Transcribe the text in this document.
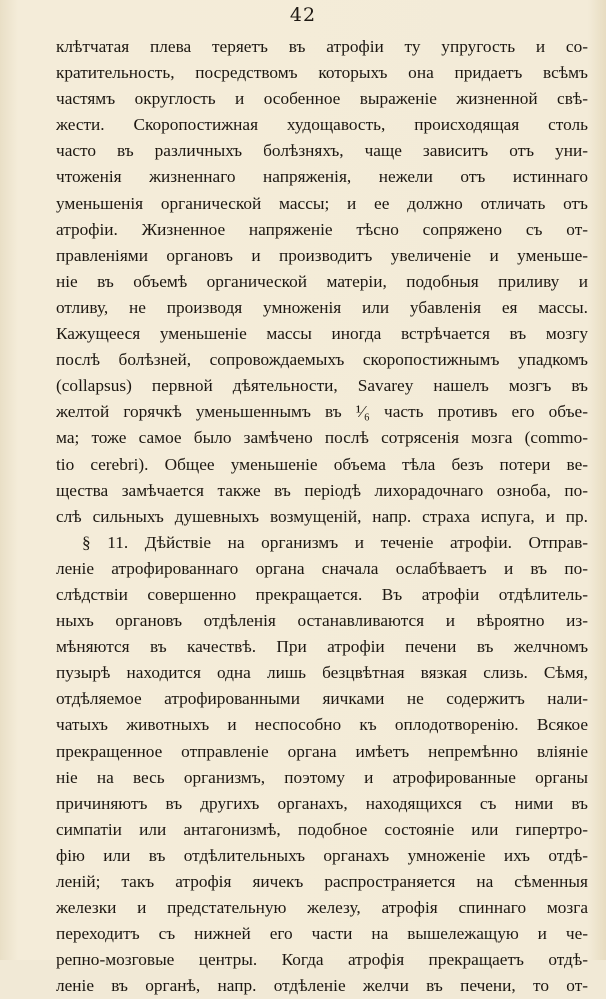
42
клѣтчатая плева теряетъ въ атрофіи ту упругость и со-
кратительность, посредствомъ которыхъ она придаетъ всѣмъ
частямъ округлость и особенное выраженіе жизненной свѣ-
жести. Скоропостижная худощавость, происходящая столь
часто въ различныхъ болѣзняхъ, чаще зависитъ отъ уни-
чтоженія жизненнаго напряженія, нежели отъ истиннаго
уменьшенія органической массы; и ее должно отличать отъ
атрофіи. Жизненное напряженіе тѣсно сопряжено съ от-
правленіями органовъ и производитъ увеличеніе и уменьше-
ніе въ объемѣ органической матеріи, подобныя приливу и
отливу, не производя умноженія или убавленія ея массы.
Кажущееся уменьшеніе массы иногда встрѣчается въ мозгу
послѣ болѣзней, сопровождаемыхъ скоропостижнымъ упадкомъ
(collapsus) первной дѣятельности, Savareу нашелъ мозгъ въ
желтой горячкѣ уменьшеннымъ въ ¹⁄₆ часть противъ его объе-
ма; тоже самое было замѣчено послѣ сотрясенія мозга (commo-
tio cerebri). Общее уменьшеніе объема тѣла безъ потери ве-
щества замѣчается также въ періодѣ лихорадочнаго озноба, по-
слѣ сильныхъ душевныхъ возмущеній, напр. страха испуга, и пр.
§ 11. Дѣйствіе на организмъ и теченіе атрофіи. Отправ-
леніе атрофированнаго органа сначала ослабѣваетъ и въ по-
слѣдствіи совершенно прекращается. Въ атрофіи отдѣлитель-
ныхъ органовъ отдѣленія останавливаются и вѣроятно из-
мѣняются въ качествѣ. При атрофіи печени въ желчномъ
пузырѣ находится одна лишь безцвѣтная вязкая слизь. Сѣмя,
отдѣляемое атрофированными яичками не содержитъ нали-
чатыхъ животныхъ и неспособно къ оплодотворенію. Всякое
прекращенное отправленіе органа имѣетъ непремѣнно вліянiе
ніе на весь организмъ, поэтому и атрофированные органы
причиняютъ въ другихъ органахъ, находящихся съ ними въ
симпатіи или антагонизмѣ, подобное состояніе или гипертро-
фію или въ отдѣлительныхъ органахъ умноженіе ихъ отдѣ-
леній; такъ атрофія яичекъ распространяется на сѣменныя
железки и предстательную железу, атрофія спиннаго мозга
переходитъ съ нижней его части на вышележащую и че-
репно-мозговые центры. Когда атрофія прекращаетъ отдѣ-
леніе въ органѣ, напр. отдѣленіе желчи въ печени, то от-
